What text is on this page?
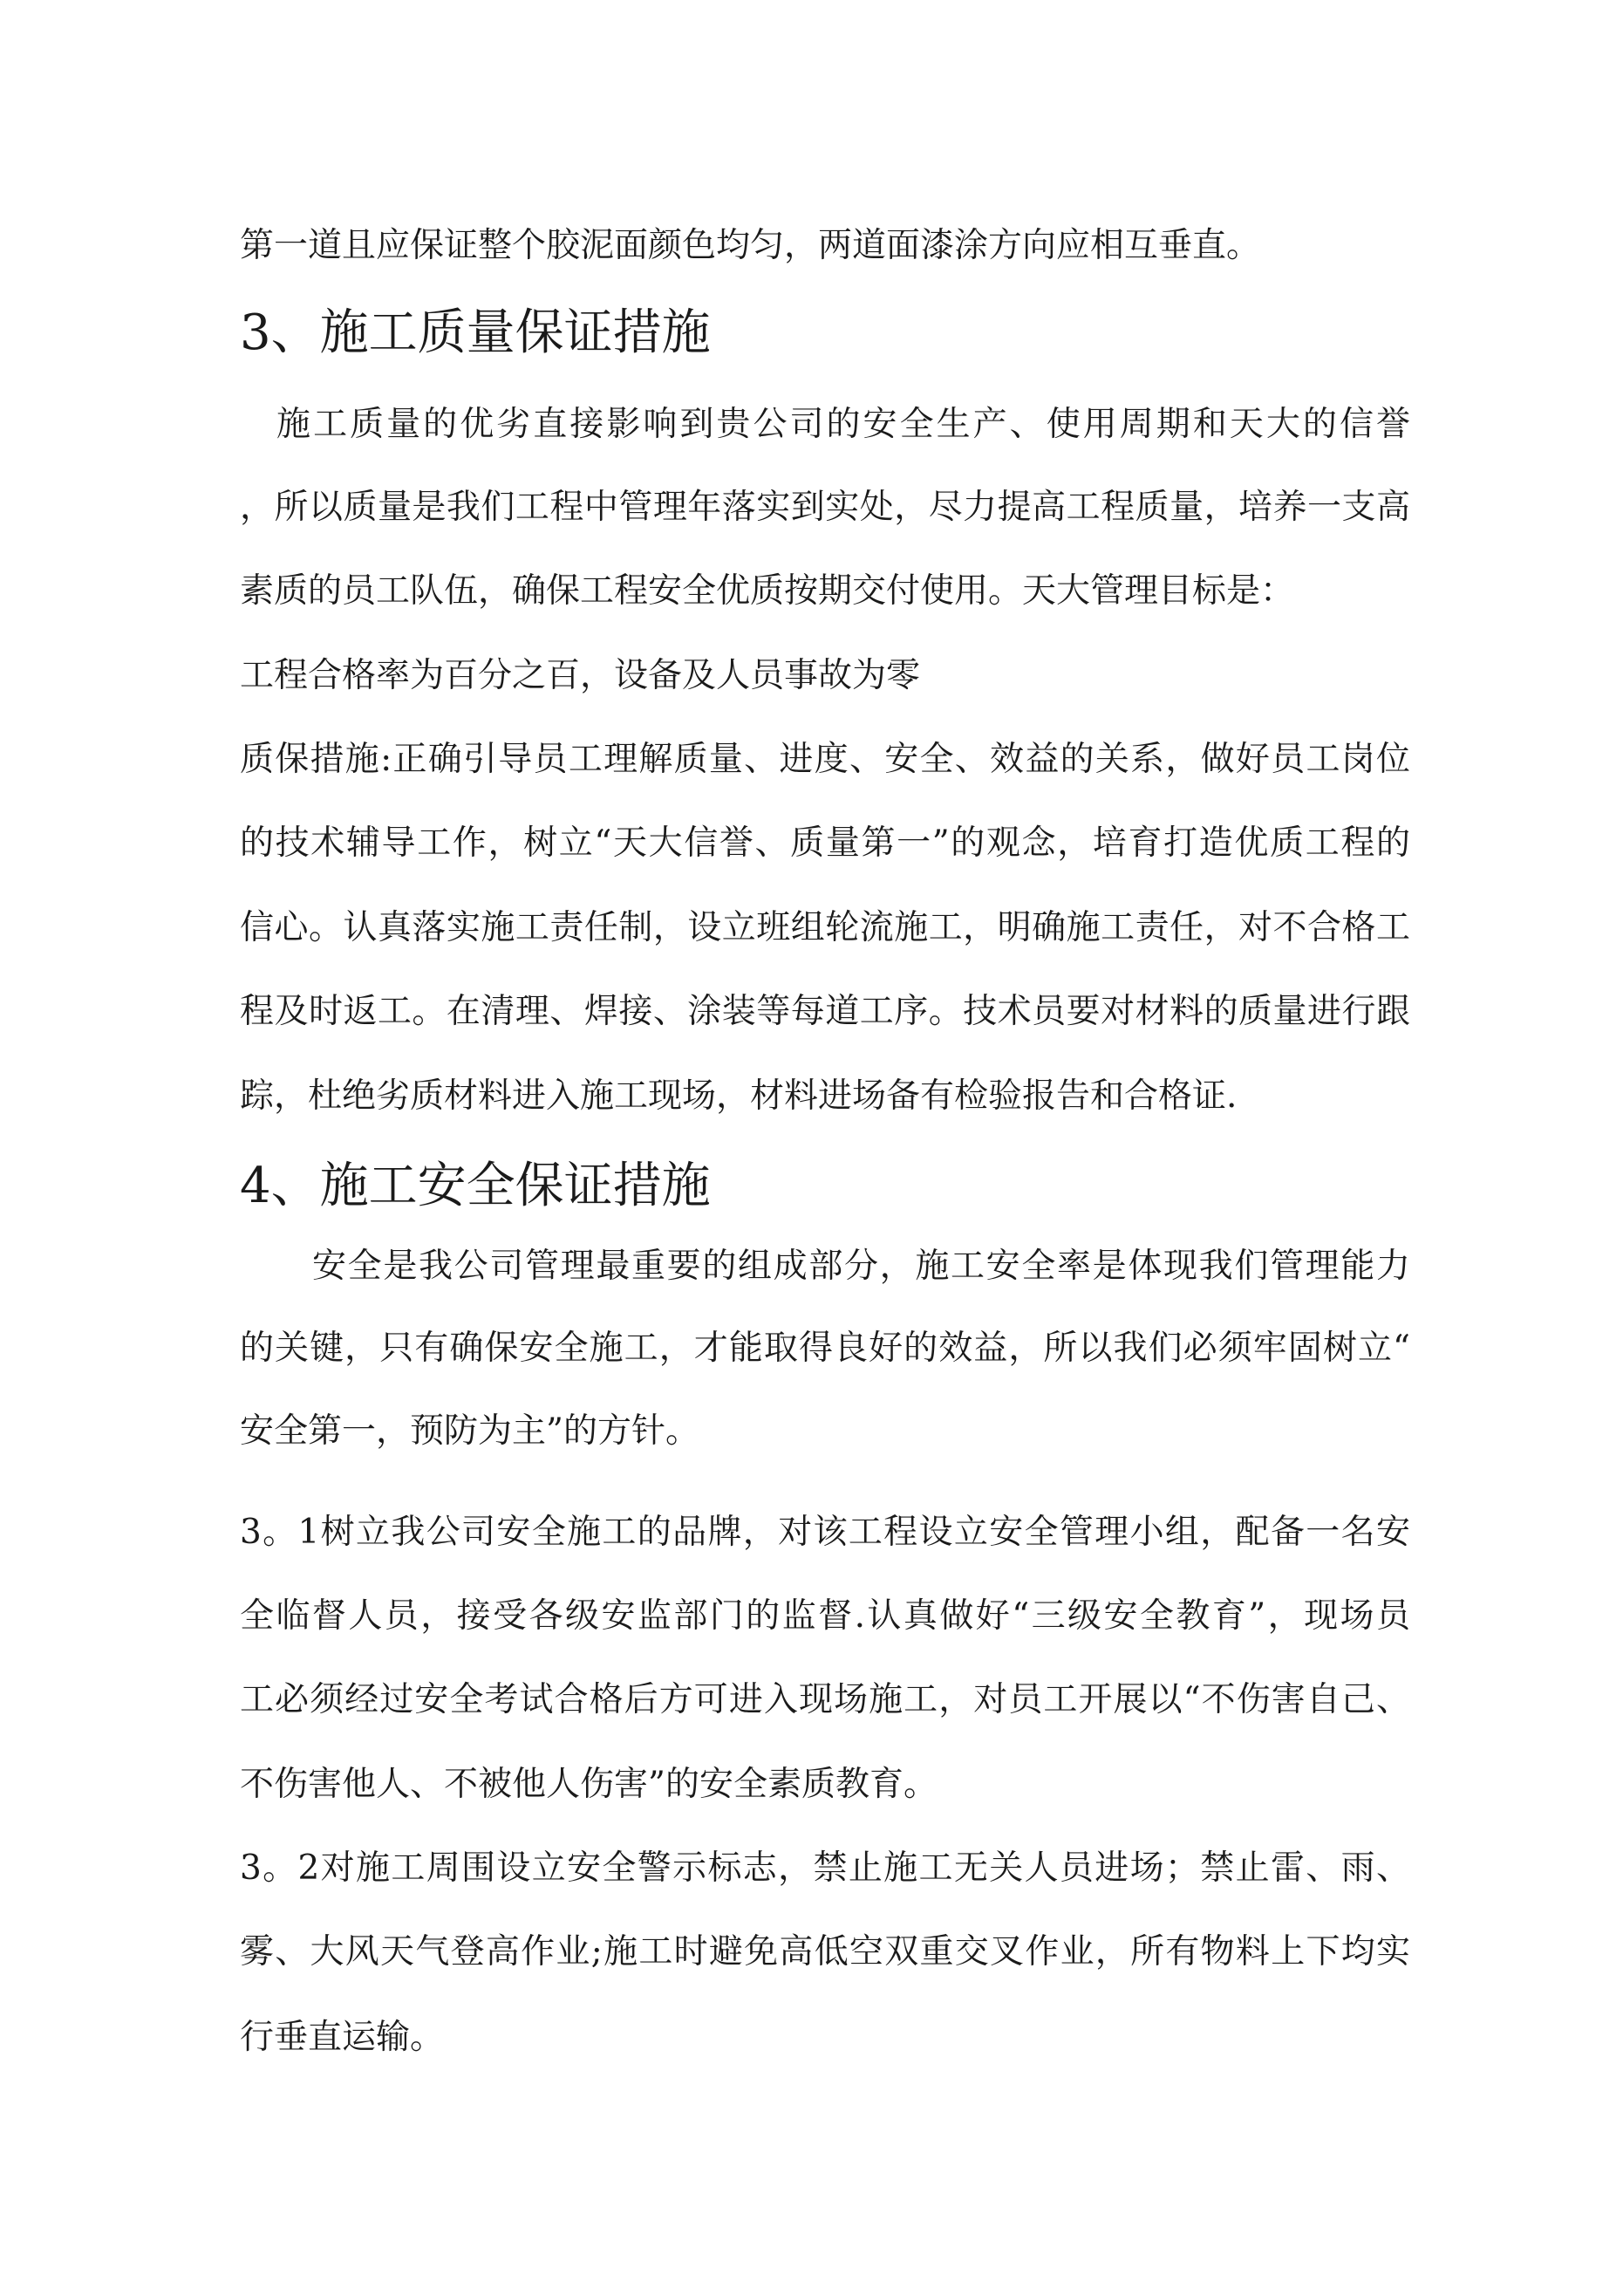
第一道且应保证整个胶泥面颜色均匀，两道面漆涂方向应相互垂直。
3、施工质量保证措施
　施工质量的优劣直接影响到贵公司的安全生产、使用周期和天大的信誉
，所以质量是我们工程中管理年落实到实处，尽力提高工程质量，培养一支高
素质的员工队伍，确保工程安全优质按期交付使用。天大管理目标是：
工程合格率为百分之百，设备及人员事故为零
质保措施:正确引导员工理解质量、进度、安全、效益的关系，做好员工岗位
的技术辅导工作，树立“天大信誉、质量第一”的观念，培育打造优质工程的
信心。认真落实施工责任制，设立班组轮流施工，明确施工责任，对不合格工
程及时返工。在清理、焊接、涂装等每道工序。技术员要对材料的质量进行跟
踪，杜绝劣质材料进入施工现场，材料进场备有检验报告和合格证.
4、施工安全保证措施
安全是我公司管理最重要的组成部分，施工安全率是体现我们管理能力
的关键，只有确保安全施工，才能取得良好的效益，所以我们必须牢固树立“
安全第一，预防为主”的方针。
3。1树立我公司安全施工的品牌，对该工程设立安全管理小组，配备一名安
全临督人员，接受各级安监部门的监督.认真做好“三级安全教育”，现场员
工必须经过安全考试合格后方可进入现场施工，对员工开展以“不伤害自己、
不伤害他人、不被他人伤害”的安全素质教育。
3。2对施工周围设立安全警示标志，禁止施工无关人员进场；禁止雷、雨、
雾、大风天气登高作业;施工时避免高低空双重交叉作业，所有物料上下均实
行垂直运输。
